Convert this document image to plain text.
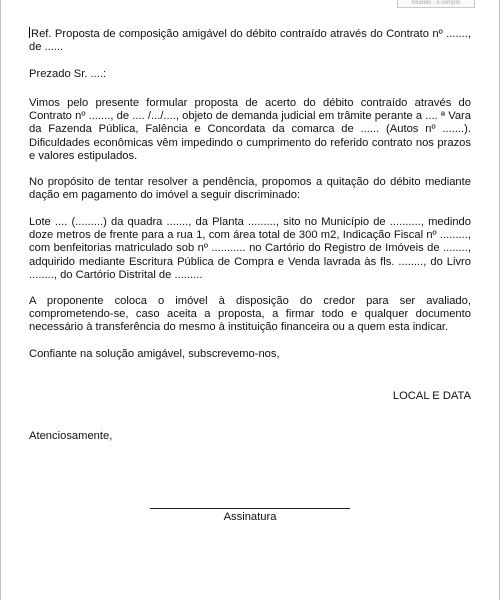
Modelo - Exemplo

Ref. Proposta de composição amigável do débito contraído através do Contrato nº ......., de ......

Prezado Sr. ....:

Vimos pelo presente formular proposta de acerto do débito contraído através do Contrato nº ......., de .... /.../...., objeto de demanda judicial em trâmite perante a .... ª Vara da Fazenda Pública, Falência e Concordata da comarca de ...... (Autos nº .......). Dificuldades econômicas vêm impedindo o cumprimento do referido contrato nos prazos e valores estipulados.

No propósito de tentar resolver a pendência, propomos a quitação do débito mediante dação em pagamento do imóvel a seguir discriminado:

Lote .... (.........) da quadra ......., da Planta ........., sito no Município de .........., medindo doze metros de frente para a rua 1, com área total de 300 m2, Indicação Fiscal nº ........., com benfeitorias matriculado sob nº ........... no Cartório do Registro de Imóveis de ........, adquirido mediante Escritura Pública de Compra e Venda lavrada às fls. ........, do Livro ........, do Cartório Distrital de .........

A proponente coloca o imóvel à disposição do credor para ser avaliado, comprometendo-se, caso aceita a proposta, a firmar todo e qualquer documento necessário à transferência do mesmo à instituição financeira ou a quem esta indicar.

Confiante na solução amigável, subscrevemo-nos,

LOCAL E DATA

Atenciosamente,

Assinatura
